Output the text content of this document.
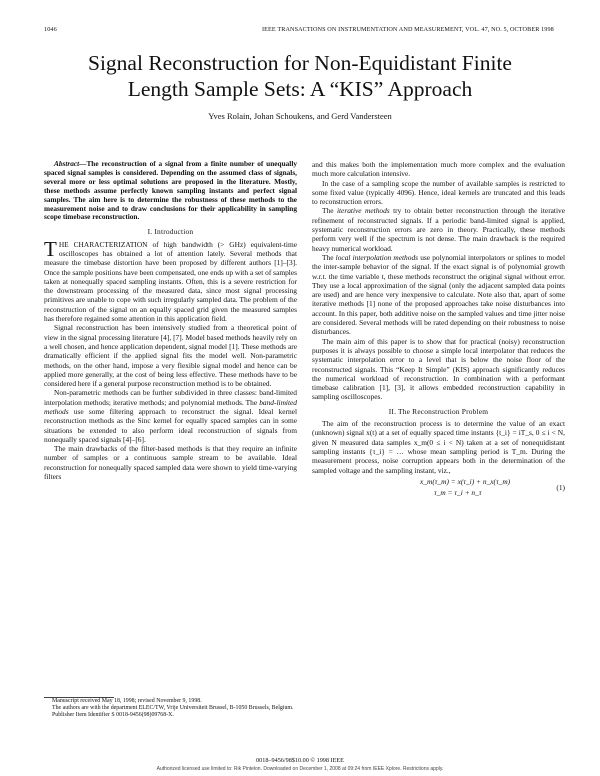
1046	IEEE TRANSACTIONS ON INSTRUMENTATION AND MEASUREMENT, VOL. 47, NO. 5, OCTOBER 1998
Signal Reconstruction for Non-Equidistant Finite
Length Sample Sets: A “KIS” Approach
Yves Rolain, Johan Schoukens, and Gerd Vandersteen

Abstract—The reconstruction of a signal from a finite number of unequally spaced signal samples is considered. Depending on the assumed class of signals, several more or less optimal solutions are proposed in the literature. Mostly, these methods assume perfectly known sampling instants and perfect signal samples. The aim here is to determine the robustness of these methods to the measurement noise and to draw conclusions for their applicability in sampling scope timebase reconstruction.

I. Introduction

THE CHARACTERIZATION of high bandwidth (> GHz) equivalent-time oscilloscopes has obtained a lot of attention lately. Several methods that measure the timebase distortion have been proposed by different authors [1]–[3]. Once the sample positions have been compensated, one ends up with a set of samples taken at nonequally spaced sampling instants. Often, this is a severe restriction for the downstream processing of the measured data, since most signal processing primitives are unable to cope with such irregularly sampled data. The problem of the reconstruction of the signal on an equally spaced grid given the measured samples has therefore regained some attention in this application field.

Signal reconstruction has been intensively studied from a theoretical point of view in the signal processing literature [4], [7]. Model based methods heavily rely on a well chosen, and hence application dependent, signal model [1]. These methods are dramatically efficient if the applied signal fits the model well. Non-parametric methods, on the other hand, impose a very flexible signal model and hence can be applied more generally, at the cost of being less effective. These methods have to be considered here if a general purpose reconstruction method is to be obtained.

Non-parametric methods can be further subdivided in three classes: band-limited interpolation methods; iterative methods; and polynomial methods. The band-limited methods use some filtering approach to reconstruct the signal. Ideal kernel reconstruction methods as the Sinc kernel for equally spaced samples can in some situations be extended to also perform ideal reconstruction of signals from nonequally spaced signals [4]–[6].

The main drawbacks of the filter-based methods is that they require an infinite number of samples or a continuous sample stream to be available. Ideal reconstruction for nonequally spaced sampled data were shown to yield time-varying filters

and this makes both the implementation much more complex and the evaluation much more calculation intensive.

In the case of a sampling scope the number of available samples is restricted to some fixed value (typically 4096). Hence, ideal kernels are truncated and this leads to reconstruction errors.

The iterative methods try to obtain better reconstruction through the iterative refinement of reconstructed signals. If a periodic band-limited signal is applied, systematic reconstruction errors are zero in theory. Practically, these methods perform very well if the spectrum is not dense. The main drawback is the required heavy numerical workload.

The local interpolation methods use polynomial interpolators or splines to model the inter-sample behavior of the signal. If the exact signal is of polynomial growth w.r.t. the time variable t, these methods reconstruct the original signal without error. They use a local approximation of the signal (only the adjacent sampled data points are used) and are hence very inexpensive to calculate. Note also that, apart of some iterative methods [1] none of the proposed approaches take noise disturbances into account. In this paper, both additive noise on the sampled values and time jitter noise are considered. Several methods will be rated depending on their robustness to noise disturbances.

The main aim of this paper is to show that for practical (noisy) reconstruction purposes it is always possible to choose a simple local interpolator that reduces the systematic interpolation error to a level that is below the noise floor of the reconstructed signals. This “Keep It Simple” (KIS) approach significantly reduces the numerical workload of reconstruction. In combination with a performant timebase calibration [1], [3], it allows embedded reconstruction capability in sampling oscilloscopes.

II. The Reconstruction Problem

The aim of the reconstruction process is to determine the value of an exact (unknown) signal x(t) at a set of equally spaced time instants {t_i} = iT_s, 0 ≤ i < N, given N measured data samples x_m(0 ≤ i < N) taken at a set of nonequidistant sampling instants {τ_i} = … whose mean sampling period is T_m. During the measurement process, noise corruption appears both in the determination of the sampled voltage and the sampling instant, viz.,

x_m(τ_m) = x(τ_i) + n_x(τ_m)
τ_m = τ_i + n_τ
(1)
Manuscript received May 18, 1998; revised November 9, 1998.
The authors are with the department ELEC/TW, Vrije Universiteit Brussel, B-1050 Brussels, Belgium.
Publisher Item Identifier S 0018-9456(98)09768-X.
0018–9456/98$10.00 © 1998 IEEE
Authorized licensed use limited to: Rik Pintelon. Downloaded on December 1, 2008 at 09:24 from IEEE Xplore. Restrictions apply.
